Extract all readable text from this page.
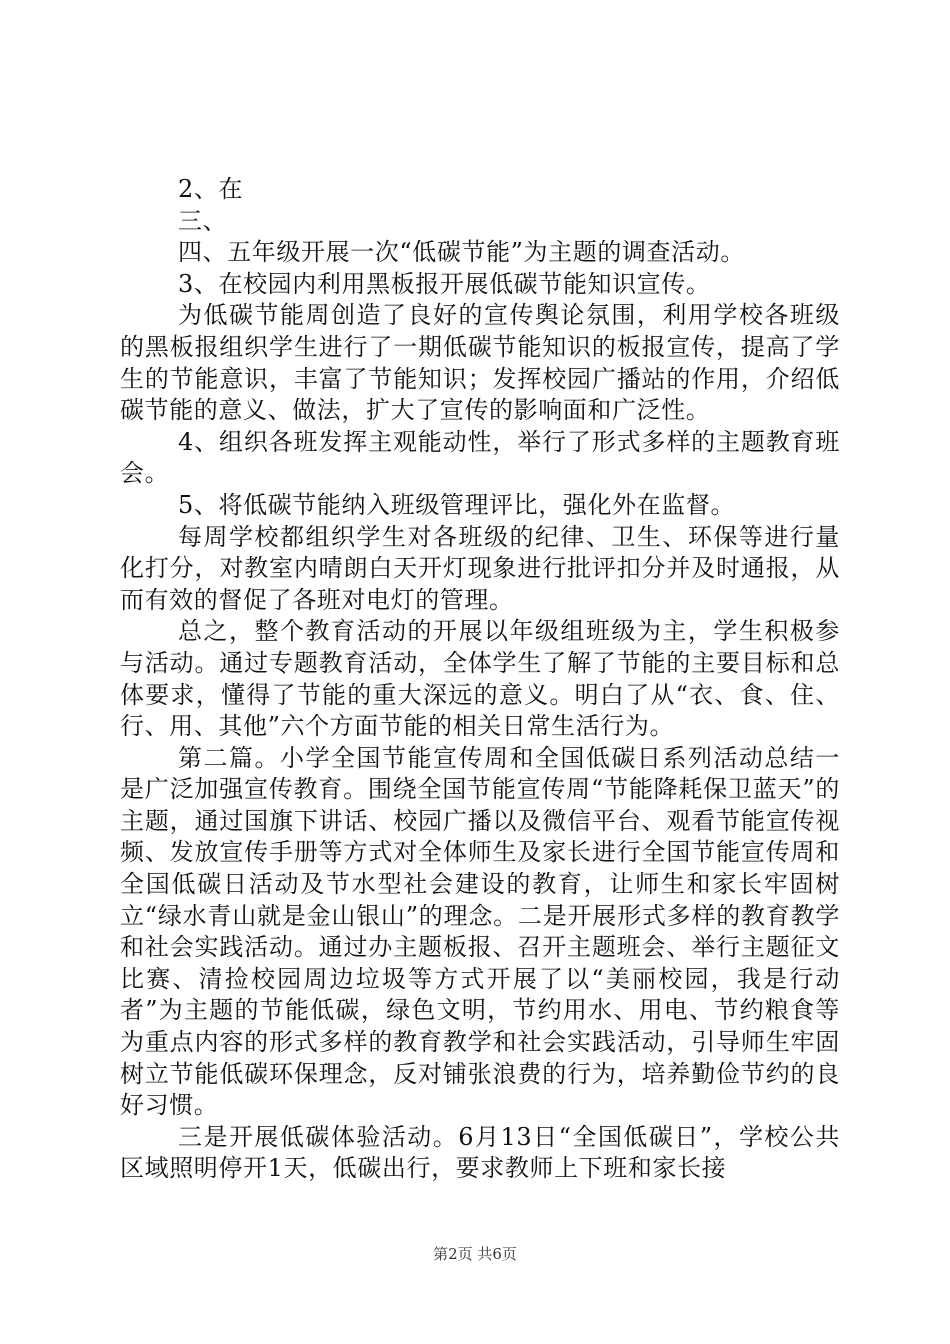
2、在

三、

四、五年级开展一次“低碳节能”为主题的调查活动。

3、在校园内利用黑板报开展低碳节能知识宣传。

为低碳节能周创造了良好的宣传舆论氛围，利用学校各班级的黑板报组织学生进行了一期低碳节能知识的板报宣传，提高了学生的节能意识，丰富了节能知识；发挥校园广播站的作用，介绍低碳节能的意义、做法，扩大了宣传的影响面和广泛性。

4、组织各班发挥主观能动性，举行了形式多样的主题教育班会。

5、将低碳节能纳入班级管理评比，强化外在监督。

每周学校都组织学生对各班级的纪律、卫生、环保等进行量化打分，对教室内晴朗白天开灯现象进行批评扣分并及时通报，从而有效的督促了各班对电灯的管理。

总之，整个教育活动的开展以年级组班级为主，学生积极参与活动。通过专题教育活动，全体学生了解了节能的主要目标和总体要求，懂得了节能的重大深远的意义。明白了从“衣、食、住、行、用、其他”六个方面节能的相关日常生活行为。

第二篇。小学全国节能宣传周和全国低碳日系列活动总结一是广泛加强宣传教育。围绕全国节能宣传周“节能降耗保卫蓝天”的主题，通过国旗下讲话、校园广播以及微信平台、观看节能宣传视频、发放宣传手册等方式对全体师生及家长进行全国节能宣传周和全国低碳日活动及节水型社会建设的教育，让师生和家长牢固树立“绿水青山就是金山银山”的理念。二是开展形式多样的教育教学和社会实践活动。通过办主题板报、召开主题班会、举行主题征文比赛、清捡校园周边垃圾等方式开展了以“美丽校园，我是行动者”为主题的节能低碳，绿色文明，节约用水、用电、节约粮食等为重点内容的形式多样的教育教学和社会实践活动，引导师生牢固树立节能低碳环保理念，反对铺张浪费的行为，培养勤俭节约的良好习惯。

三是开展低碳体验活动。6月13日“全国低碳日”，学校公共区域照明停开1天，低碳出行，要求教师上下班和家长接

第2页 共6页
